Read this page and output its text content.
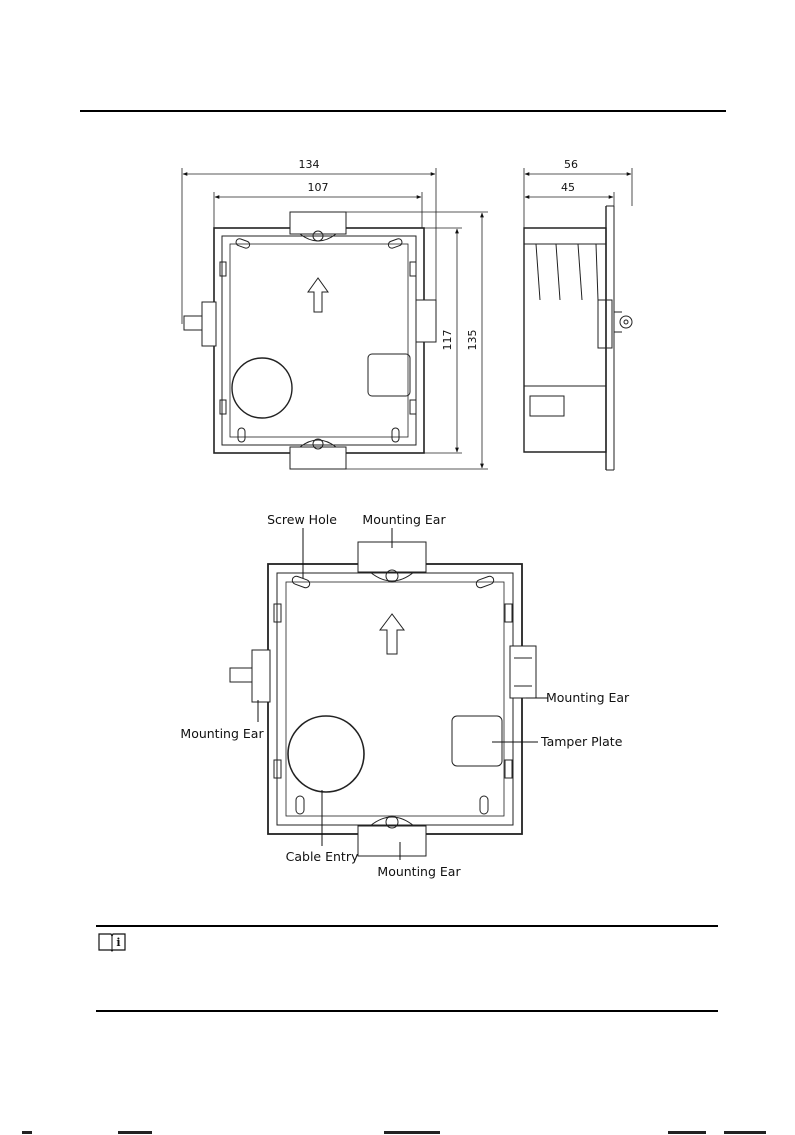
134
107
117 135
56
45
Screw Hole Mounting Ear
Mounting Ear
Mounting Ear
Tamper Plate
Cable Entry
Mounting Ear
i
